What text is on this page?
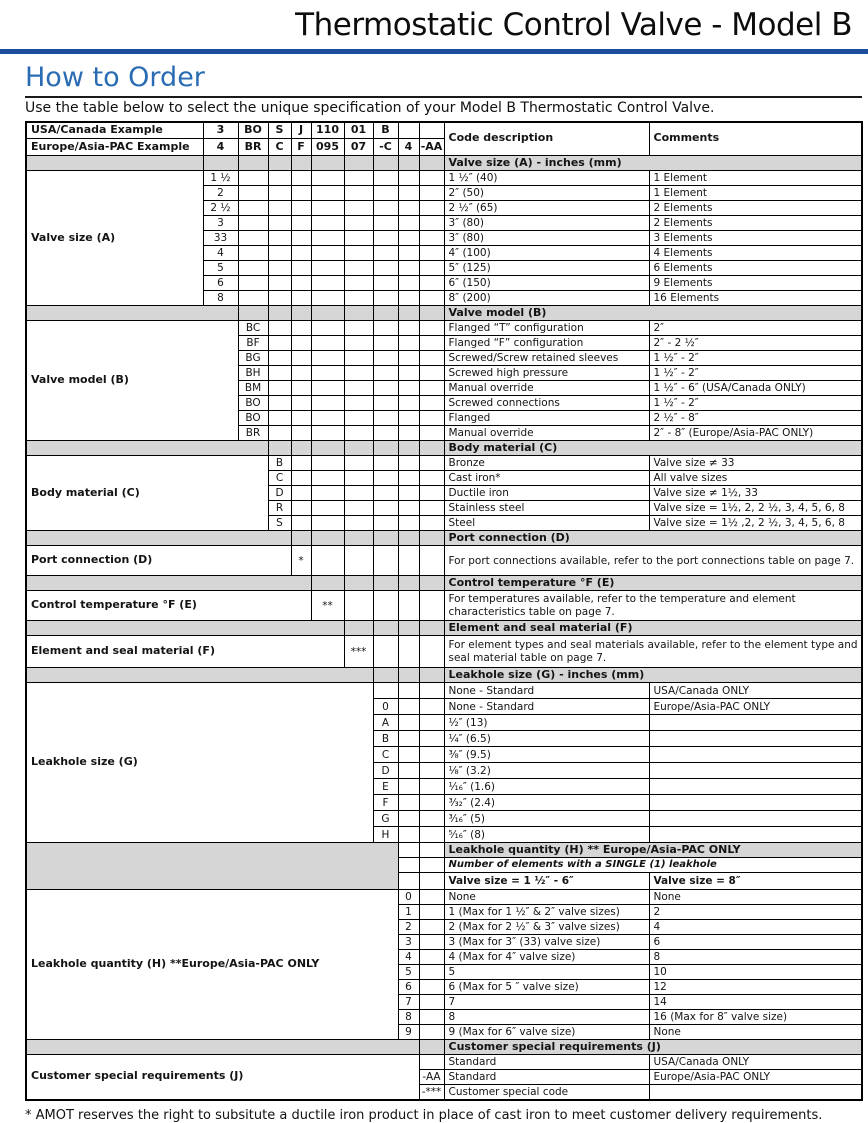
Thermostatic Control Valve - Model B
How to Order
Use the table below to select the unique specification of your Model B Thermostatic Control Valve.
USA/Canada Example	3	BO	S	J	110	01	B			Code description	Comments
Europe/Asia-PAC Example	4	BR	C	F	095	07	-C	4	-AA		
										Valve size (A) - inches (mm)	
Valve size (A)	1 ½									1 ½″ (40)	1 Element
	2									2″ (50)	1 Element
	2 ½									2 ½″ (65)	2 Elements
	3									3″ (80)	2 Elements
	33									3″ (80)	3 Elements
	4									4″ (100)	4 Elements
	5									5″ (125)	6 Elements
	6									6″ (150)	9 Elements
	8									8″ (200)	16 Elements
										Valve model (B)	
Valve model (B)		BC								Flanged “T” configuration	2″
		BF								Flanged “F” configuration	2″ - 2 ½″
		BG								Screwed/Screw retained sleeves	1 ½″ - 2″
		BH								Screwed high pressure	1 ½″ - 2″
		BM								Manual override	1 ½″ - 6″ (USA/Canada ONLY)
		BO								Screwed connections	1 ½″ - 2″
		BO								Flanged	2 ½″ - 8″
		BR								Manual override	2″ - 8″ (Europe/Asia-PAC ONLY)
										Body material (C)	
Body material (C)			B							Bronze	Valve size ≠ 33
			C							Cast iron*	All valve sizes
			D							Ductile iron	Valve size ≠ 1½, 33
			R							Stainless steel	Valve size = 1½, 2, 2 ½, 3, 4, 5, 6, 8
			S							Steel	Valve size = 1½ ,2, 2 ½, 3, 4, 5, 6, 8
										Port connection (D)	
Port connection (D)				*						For port connections available, refer to the port connections table on page 7.	
										Control temperature °F (E)	
Control temperature °F (E)					**					For temperatures available, refer to the temperature and element characteristics table on page 7.	
										Element and seal material (F)	
Element and seal material (F)						***				For element types and seal materials available, refer to the element type and seal material table on page 7.	
										Leakhole size (G) - inches (mm)	
Leakhole size (G)										None - Standard	USA/Canada ONLY
							0			None - Standard	Europe/Asia-PAC ONLY
							A			¹⁄₂″ (13)	
							B			¹⁄₄″ (6.5)	
							C			³⁄₈″ (9.5)	
							D			¹⁄₈″ (3.2)	
							E			¹⁄₁₆″ (1.6)	
							F			³⁄₃₂″ (2.4)	
							G			³⁄₁₆″ (5)	
							H			⁵⁄₁₆″ (8)	
										Leakhole quantity (H) ** Europe/Asia-PAC ONLY	
										Number of elements with a SINGLE (1) leakhole	
										Valve size = 1 ½″ - 6″	Valve size = 8″
Leakhole quantity (H) **Europe/Asia-PAC ONLY								0		None	None
								1		1 (Max for 1 ½″ & 2″ valve sizes)	2
								2		2 (Max for 2 ½″ & 3″ valve sizes)	4
								3		3 (Max for 3″ (33) valve size)	6
								4		4 (Max for 4″ valve size)	8
								5		5	10
								6		6 (Max for 5 ″ valve size)	12
								7		7	14
								8		8	16 (Max for 8″ valve size)
								9		9 (Max for 6″ valve size)	None
										Customer special requirements (J)	
Customer special requirements (J)										Standard	USA/Canada ONLY
									-AA	Standard	Europe/Asia-PAC ONLY
									-***	Customer special code	
* AMOT reserves the right to subsitute a ductile iron product in place of cast iron to meet customer delivery requirements.
